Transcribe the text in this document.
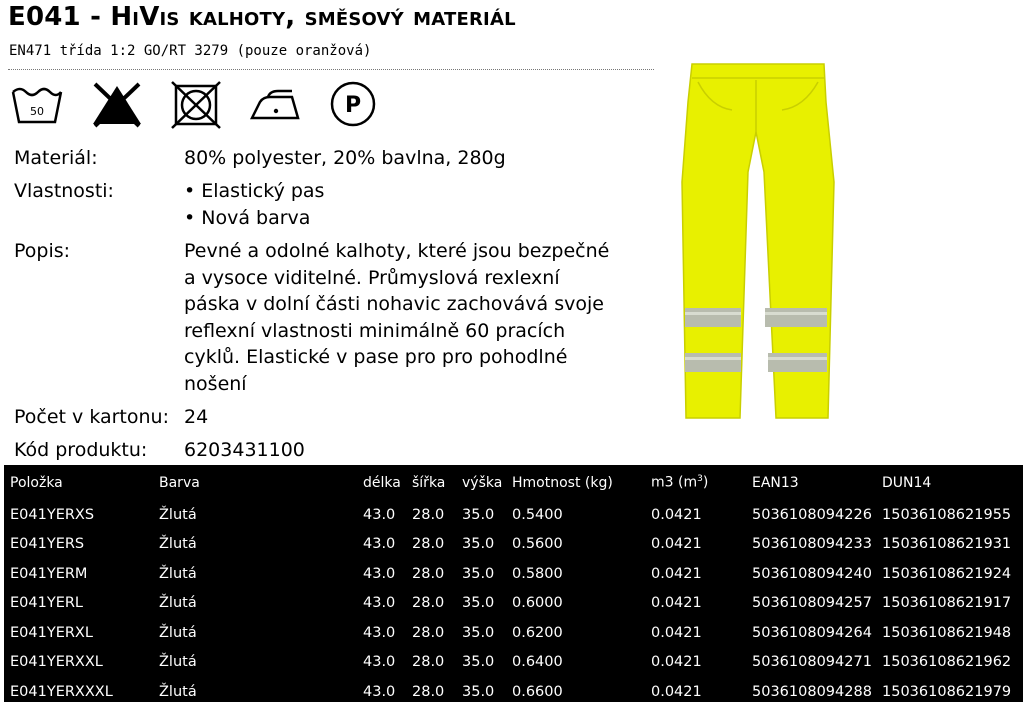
E041 - HiVis kalhoty, směsový materiál
EN471 třída 1:2 GO/RT 3279 (pouze oranžová)
50	P
Materiál:	80% polyester, 20% bavlna, 280g
Vlastnosti:	• Elastický pas
• Nová barva
Popis:	Pevné a odolné kalhoty, které jsou bezpečné
a vysoce viditelné. Průmyslová rexlexní
páska v dolní části nohavic zachovává svoje
reflexní vlastnosti minimálně 60 pracích
cyklů. Elastické v pase pro pro pohodlné
nošení
Počet v kartonu: 24
Kód produktu: 6203431100
Položka	Barva	délka	šířka	výška	Hmotnost (kg)	m3 $(m^3)$	EAN13	DUN14
E041YERXS	Žlutá	43.0	28.0	35.0	0.5400	0.0421	5036108094226	15036108621955
E041YERS	Žlutá	43.0	28.0	35.0	0.5600	0.0421	5036108094233	15036108621931
E041YERM	Žlutá	43.0	28.0	35.0	0.5800	0.0421	5036108094240	15036108621924
E041YERL	Žlutá	43.0	28.0	35.0	0.6000	0.0421	5036108094257	15036108621917
E041YERXL	Žlutá	43.0	28.0	35.0	0.6200	0.0421	5036108094264	15036108621948
E041YERXXL	Žlutá	43.0	28.0	35.0	0.6400	0.0421	5036108094271	15036108621962
E041YERXXXL	Žlutá	43.0	28.0	35.0	0.6600	0.0421	5036108094288	15036108621979
